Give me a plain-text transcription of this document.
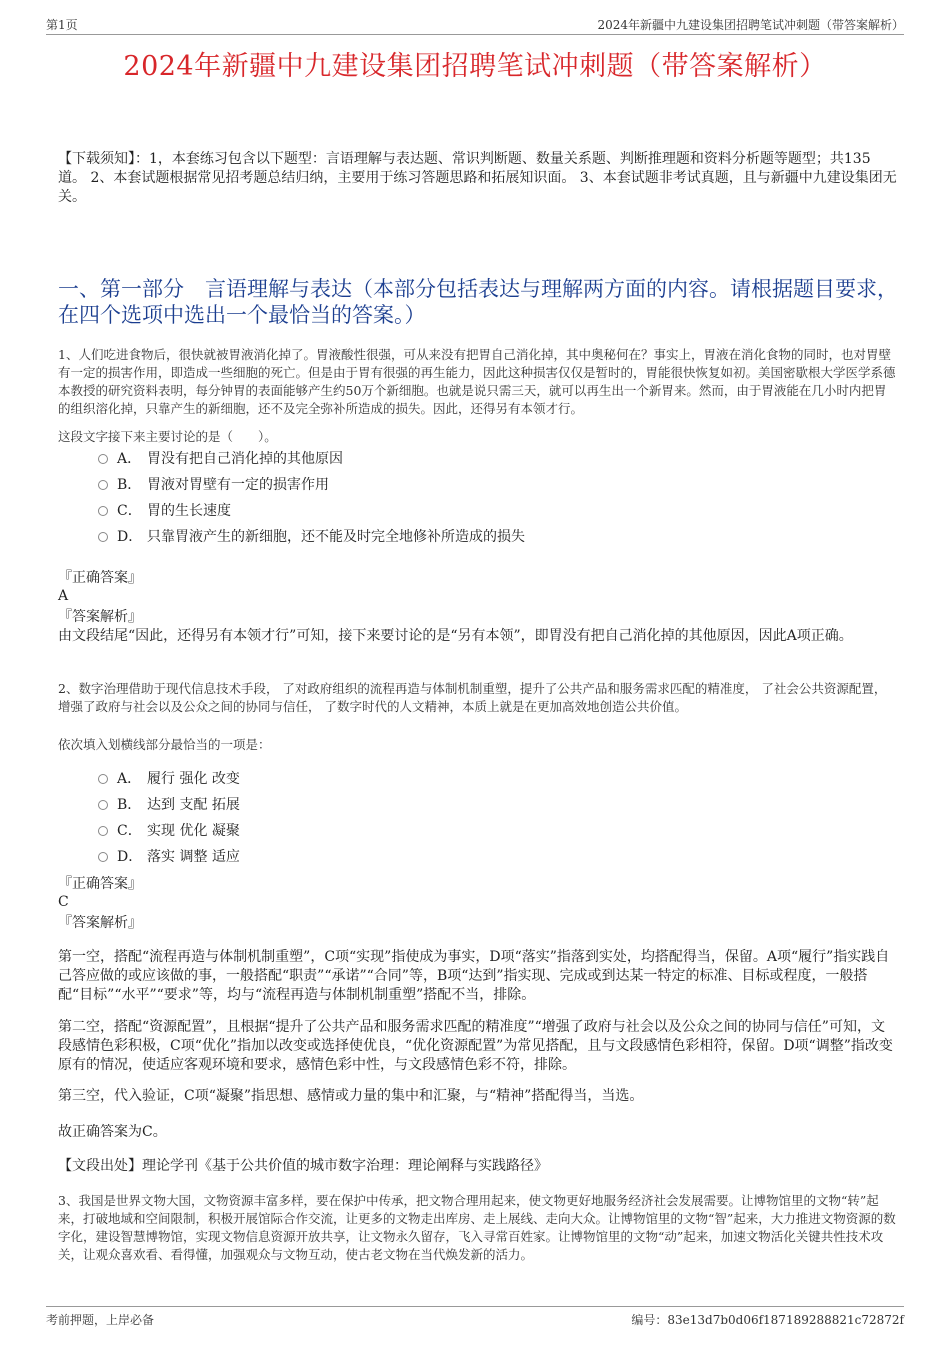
第1页	2024年新疆中九建设集团招聘笔试冲刺题（带答案解析）
2024年新疆中九建设集团招聘笔试冲刺题（带答案解析）
【下载须知】：1，本套练习包含以下题型：言语理解与表达题、常识判断题、数量关系题、判断推理题和资料分析题等题型；共135道。 2、本套试题根据常见招考题总结归纳，主要用于练习答题思路和拓展知识面。 3、本套试题非考试真题，且与新疆中九建设集团无关。
一、第一部分　言语理解与表达（本部分包括表达与理解两方面的内容。请根据题目要求，在四个选项中选出一个最恰当的答案。）
1、人们吃进食物后，很快就被胃液消化掉了。胃液酸性很强，可从来没有把胃自己消化掉，其中奥秘何在？事实上，胃液在消化食物的同时，也对胃壁有一定的损害作用，即造成一些细胞的死亡。但是由于胃有很强的再生能力，因此这种损害仅仅是暂时的，胃能很快恢复如初。美国密歇根大学医学系德本教授的研究资料表明，每分钟胃的表面能够产生约50万个新细胞。也就是说只需三天，就可以再生出一个新胃来。然而，由于胃液能在几小时内把胃的组织溶化掉，只靠产生的新细胞，还不及完全弥补所造成的损失。因此，还得另有本领才行。
这段文字接下来主要讨论的是（　　）。
A． 胃没有把自己消化掉的其他原因
B． 胃液对胃壁有一定的损害作用
C． 胃的生长速度
D． 只靠胃液产生的新细胞，还不能及时完全地修补所造成的损失
『正确答案』
A
『答案解析』
由文段结尾“因此，还得另有本领才行”可知，接下来要讨论的是“另有本领”，即胃没有把自己消化掉的其他原因，因此A项正确。
2、数字治理借助于现代信息技术手段， 了对政府组织的流程再造与体制机制重塑，提升了公共产品和服务需求匹配的精准度， 了社会公共资源配置，增强了政府与社会以及公众之间的协同与信任， 了数字时代的人文精神，本质上就是在更加高效地创造公共价值。
依次填入划横线部分最恰当的一项是：
A． 履行 强化 改变
B． 达到 支配 拓展
C． 实现 优化 凝聚
D． 落实 调整 适应
『正确答案』
C
『答案解析』
第一空，搭配“流程再造与体制机制重塑”，C项“实现”指使成为事实，D项“落实”指落到实处，均搭配得当，保留。A项“履行”指实践自己答应做的或应该做的事，一般搭配“职责”“承诺”“合同”等，B项“达到”指实现、完成或到达某一特定的标准、目标或程度，一般搭配“目标”“水平”“要求”等，均与“流程再造与体制机制重塑”搭配不当，排除。
第二空，搭配“资源配置”，且根据“提升了公共产品和服务需求匹配的精准度”“增强了政府与社会以及公众之间的协同与信任”可知，文段感情色彩积极，C项“优化”指加以改变或选择使优良，“优化资源配置”为常见搭配，且与文段感情色彩相符，保留。D项“调整”指改变原有的情况，使适应客观环境和要求，感情色彩中性，与文段感情色彩不符，排除。
第三空，代入验证，C项“凝聚”指思想、感情或力量的集中和汇聚，与“精神”搭配得当，当选。
故正确答案为C。
【文段出处】理论学刊《基于公共价值的城市数字治理：理论阐释与实践路径》
3、我国是世界文物大国，文物资源丰富多样，要在保护中传承，把文物合理用起来，使文物更好地服务经济社会发展需要。让博物馆里的文物“转”起来，打破地域和空间限制，积极开展馆际合作交流，让更多的文物走出库房、走上展线、走向大众。让博物馆里的文物“智”起来，大力推进文物资源的数字化，建设智慧博物馆，实现文物信息资源开放共享，让文物永久留存，飞入寻常百姓家。让博物馆里的文物“动”起来，加速文物活化关键共性技术攻关，让观众喜欢看、看得懂，加强观众与文物互动，使古老文物在当代焕发新的活力。
考前押题，上岸必备	编号：83e13d7b0d06f187189288821c72872f
